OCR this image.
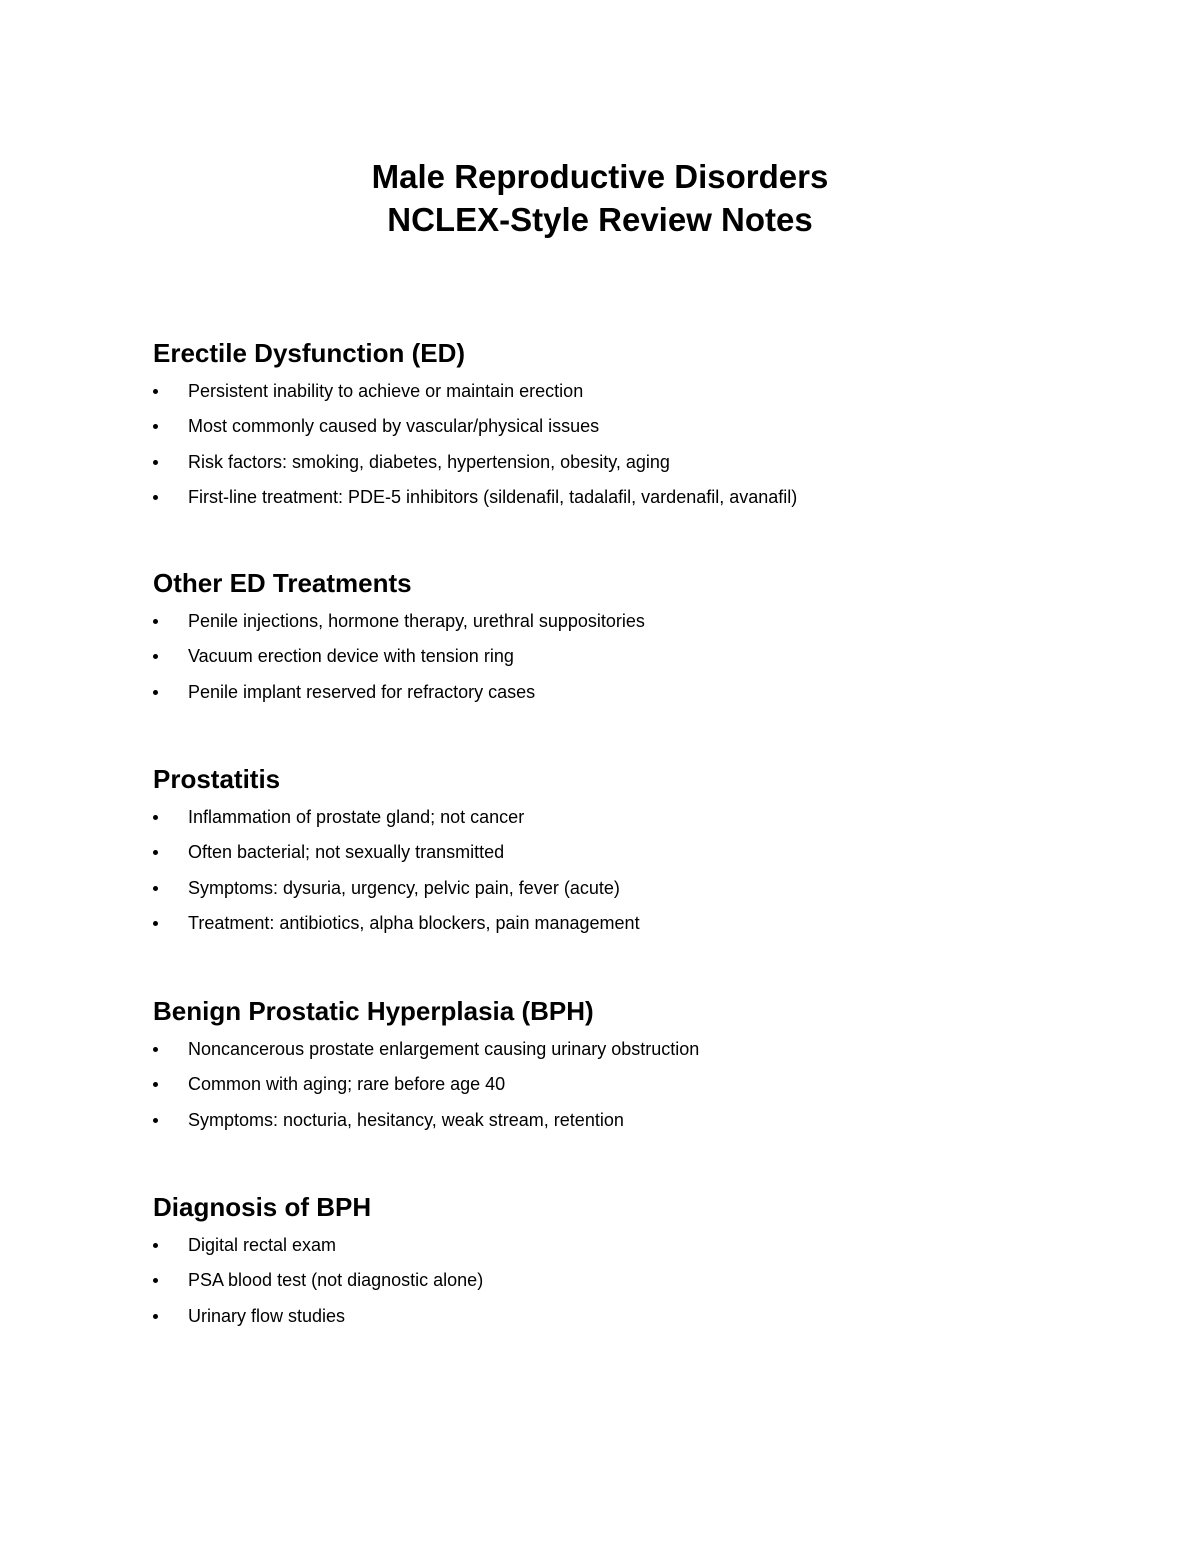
Male Reproductive Disorders

NCLEX-Style Review Notes

Erectile Dysfunction (ED)
Persistent inability to achieve or maintain erection
Most commonly caused by vascular/physical issues
Risk factors: smoking, diabetes, hypertension, obesity, aging
First-line treatment: PDE-5 inhibitors (sildenafil, tadalafil, vardenafil, avanafil)
Other ED Treatments
Penile injections, hormone therapy, urethral suppositories
Vacuum erection device with tension ring
Penile implant reserved for refractory cases
Prostatitis
Inflammation of prostate gland; not cancer
Often bacterial; not sexually transmitted
Symptoms: dysuria, urgency, pelvic pain, fever (acute)
Treatment: antibiotics, alpha blockers, pain management
Benign Prostatic Hyperplasia (BPH)
Noncancerous prostate enlargement causing urinary obstruction
Common with aging; rare before age 40
Symptoms: nocturia, hesitancy, weak stream, retention
Diagnosis of BPH
Digital rectal exam
PSA blood test (not diagnostic alone)
Urinary flow studies
